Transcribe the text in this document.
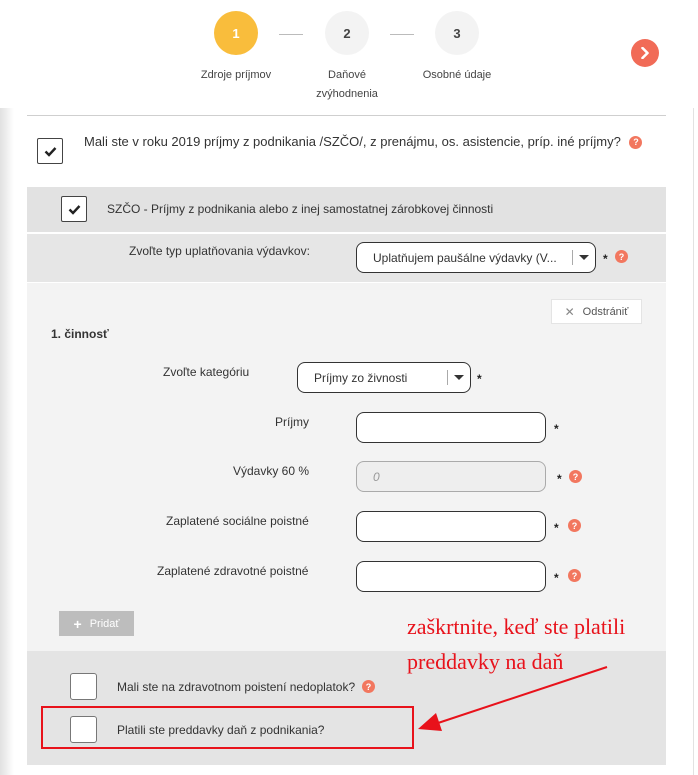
1	2	3
Zdroje príjmov	Daňové zvýhodnenia
Osobné údaje
Mali ste v roku 2019 príjmy z podnikania /SZČO/, z prenájmu, os. asistencie, príp. iné príjmy? ?
SZČO - Príjmy z podnikania alebo z inej samostatnej zárobkovej činnosti
Zvoľte typ uplatňovania výdavkov:	Uplatňujem paušálne výdavky (V...	*	?
✕ Odstrániť
1. činnosť
Zvoľte kategóriu	Príjmy zo živnosti	*
Príjmy	*
Výdavky 60 %	0	*	?
Zaplatené sociálne poistné	*	?
Zaplatené zdravotné poistné	*	?
+ Pridať
Mali ste na zdravotnom poistení nedoplatok?	?
Platili ste preddavky daň z podnikania?
zaškrtnite, keď ste platili
preddavky na daň
